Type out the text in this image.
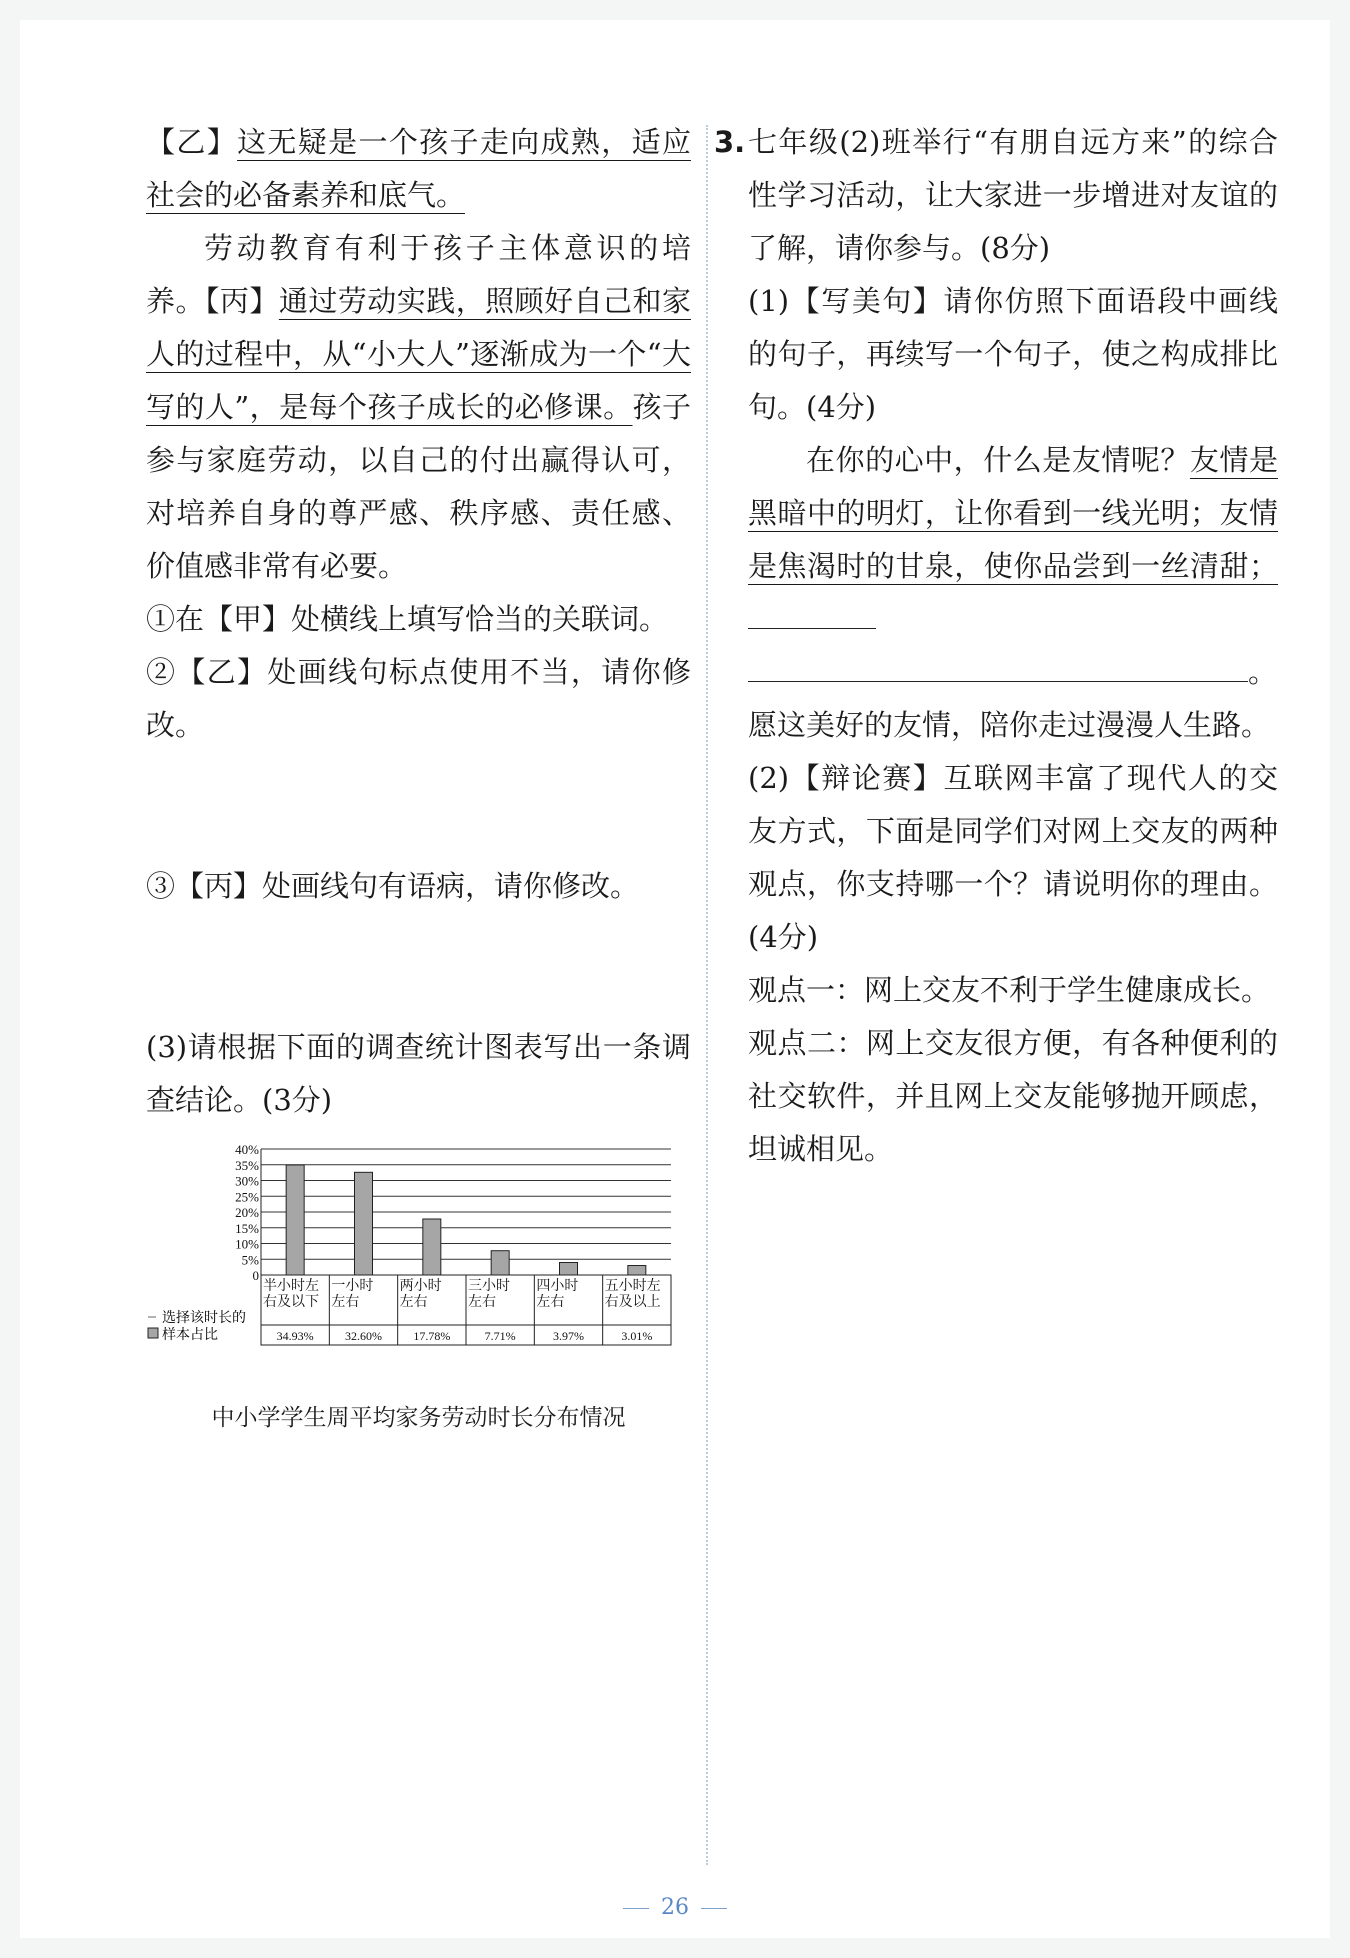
【乙】这无疑是一个孩子走向成熟，适应社会的必备素养和底气。

劳动教育有利于孩子主体意识的培养。【丙】通过劳动实践，照顾好自己和家人的过程中，从“小大人”逐渐成为一个“大写的人”，是每个孩子成长的必修课。孩子参与家庭劳动，以自己的付出赢得认可，对培养自身的尊严感、秩序感、责任感、价值感非常有必要。

①在【甲】处横线上填写恰当的关联词。

②【乙】处画线句标点使用不当，请你修改。

③【丙】处画线句有语病，请你修改。

(3)请根据下面的调查统计图表写出一条调查结论。(3分)

0
5%
10%
15%
20%
25%
30%
35%
40%
半小时左右及以下
34.93%
一小时左右
32.60%
两小时左右
17.78%
三小时左右
7.71%
四小时左右
3.97%
五小时左右及以上
3.01%
选择该时长的
样本占比
中小学学生周平均家务劳动时长分布情况

3. 七年级(2)班举行“有朋自远方来”的综合性学习活动，让大家进一步增进对友谊的了解，请你参与。(8分)

(1)【写美句】请你仿照下面语段中画线的句子，再续写一个句子，使之构成排比句。(4分)

在你的心中，什么是友情呢？友情是黑暗中的明灯，让你看到一线光明；友情是焦渴时的甘泉，使你品尝到一丝清甜；

。

愿这美好的友情，陪你走过漫漫人生路。

(2)【辩论赛】互联网丰富了现代人的交友方式，下面是同学们对网上交友的两种观点，你支持哪一个？请说明你的理由。(4分)

观点一：网上交友不利于学生健康成长。

观点二：网上交友很方便，有各种便利的社交软件，并且网上交友能够抛开顾虑，坦诚相见。

26
